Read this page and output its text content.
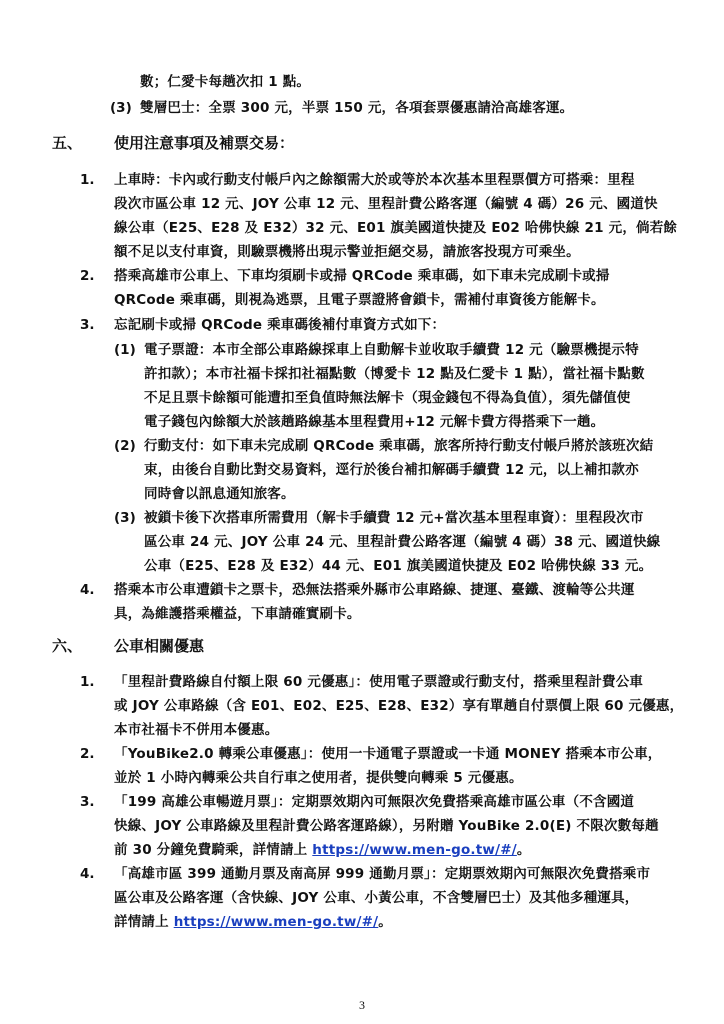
數；仁愛卡每趟次扣 1 點。
(3) 雙層巴士：全票 300 元，半票 150 元，各項套票優惠請洽高雄客運。
五、 使用注意事項及補票交易：
1. 上車時：卡內或行動支付帳戶內之餘額需大於或等於本次基本里程票價方可搭乘：里程
段次市區公車 12 元、JOY 公車 12 元、里程計費公路客運（編號 4 碼）26 元、國道快
線公車（E25、E28 及 E32）32 元、E01 旗美國道快捷及 E02 哈佛快線 21 元，倘若餘
額不足以支付車資，則驗票機將出現示警並拒絕交易，請旅客投現方可乘坐。
2. 搭乘高雄市公車上、下車均須刷卡或掃 QRCode 乘車碼，如下車未完成刷卡或掃
QRCode 乘車碼，則視為逃票，且電子票證將會鎖卡，需補付車資後方能解卡。
3. 忘記刷卡或掃 QRCode 乘車碼後補付車資方式如下：
(1) 電子票證：本市全部公車路線採車上自動解卡並收取手續費 12 元（驗票機提示特
許扣款）；本市社福卡採扣社福點數（博愛卡 12 點及仁愛卡 1 點），當社福卡點數
不足且票卡餘額可能遭扣至負值時無法解卡（現金錢包不得為負值），須先儲值使
電子錢包內餘額大於該趟路線基本里程費用+12 元解卡費方得搭乘下一趟。
(2) 行動支付：如下車未完成刷 QRCode 乘車碼，旅客所持行動支付帳戶將於該班次結
束，由後台自動比對交易資料，逕行於後台補扣解碼手續費 12 元，以上補扣款亦
同時會以訊息通知旅客。
(3) 被鎖卡後下次搭車所需費用（解卡手續費 12 元+當次基本里程車資）：里程段次市
區公車 24 元、JOY 公車 24 元、里程計費公路客運（編號 4 碼）38 元、國道快線
公車（E25、E28 及 E32）44 元、E01 旗美國道快捷及 E02 哈佛快線 33 元。
4. 搭乘本市公車遭鎖卡之票卡，恐無法搭乘外縣市公車路線、捷運、臺鐵、渡輪等公共運
具，為維護搭乘權益，下車請確實刷卡。
六、 公車相關優惠
1. 「里程計費路線自付額上限 60 元優惠」：使用電子票證或行動支付，搭乘里程計費公車
或 JOY 公車路線（含 E01、E02、E25、E28、E32）享有單趟自付票價上限 60 元優惠，
本市社福卡不併用本優惠。
2. 「YouBike2.0 轉乘公車優惠」：使用一卡通電子票證或一卡通 MONEY 搭乘本市公車，
並於 1 小時內轉乘公共自行車之使用者，提供雙向轉乘 5 元優惠。
3. 「199 高雄公車暢遊月票」：定期票效期內可無限次免費搭乘高雄市區公車（不含國道
快線、JOY 公車路線及里程計費公路客運路線），另附贈 YouBike 2.0(E) 不限次數每趟
前 30 分鐘免費騎乘，詳情請上 https://www.men-go.tw/#/。
4. 「高雄市區 399 通勤月票及南高屏 999 通勤月票」：定期票效期內可無限次免費搭乘市
區公車及公路客運（含快線、JOY 公車、小黃公車，不含雙層巴士）及其他多種運具，
詳情請上 https://www.men-go.tw/#/。
3
